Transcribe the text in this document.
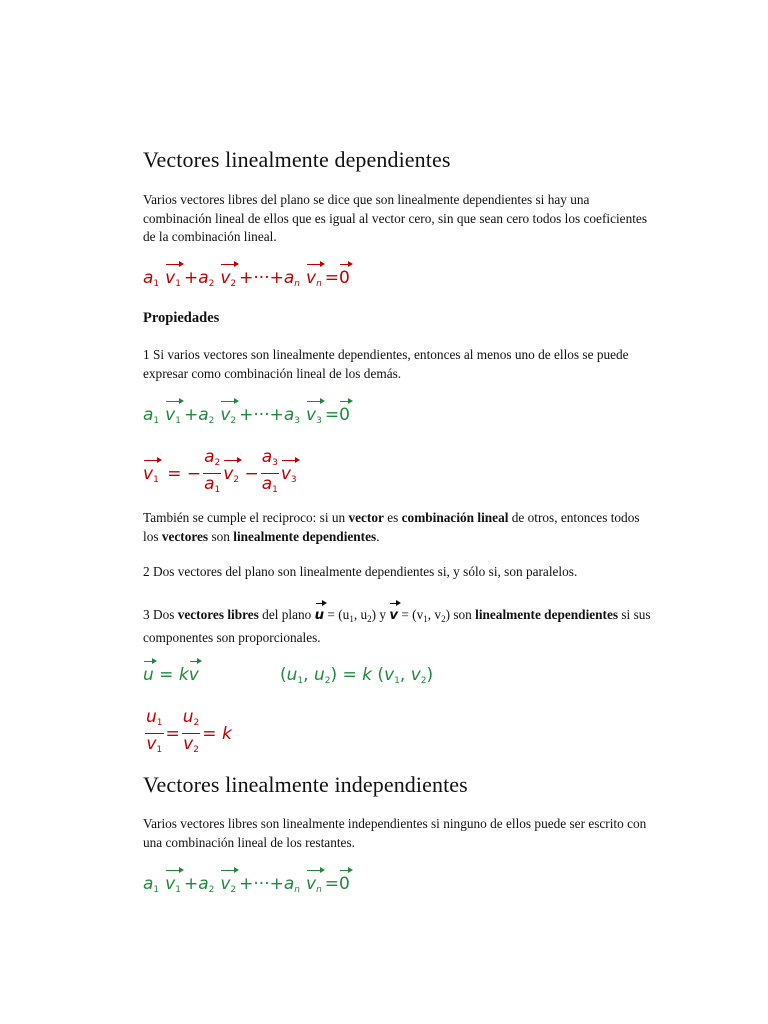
Vectores linealmente dependientes

Varios vectores libres del plano se dice que son linealmente dependientes si hay una combinación lineal de ellos que es igual al vector cero, sin que sean cero todos los coeficientes de la combinación lineal.

$a_1$ $v_1 +a_2$ $v_2 +\cdot\cdot\cdot+a_n$ $v_n =0$
Propiedades

1 Si varios vectores son linealmente dependientes, entonces al menos uno de ellos se puede expresar como combinación lineal de los demás.

$a_1$ $v_1 +a_2$ $v_2 +\cdot\cdot\cdot+a_3$ $v_3 =0$
$v_1$ = − $\frac{a_2}{a_1} v_2 - \frac{a_3}{a_1} v_3$

También se cumple el reciproco: si un vector es combinación lineal de otros, entonces todos los vectores son linealmente dependientes.

2 Dos vectores del plano son linealmente dependientes si, y sólo si, son paralelos.

3 Dos vectores libres del plano $u = (u_1$, $u_2$) y $v = (v_1$, $v_2$) son linealmente dependientes si sus componentes son proporcionales.

u = kv	($u_1$, $u_2) = k$ ($v_1$, $v_2$)
$\frac{u_1}{v_1} = \frac{u_2}{v_2} = k$
Vectores linealmente independientes

Varios vectores libres son linealmente independientes si ninguno de ellos puede ser escrito con una combinación lineal de los restantes.

$a_1$ $v_1 +a_2$ $v_2 +\cdot\cdot\cdot+a_n$ $v_n =0$
